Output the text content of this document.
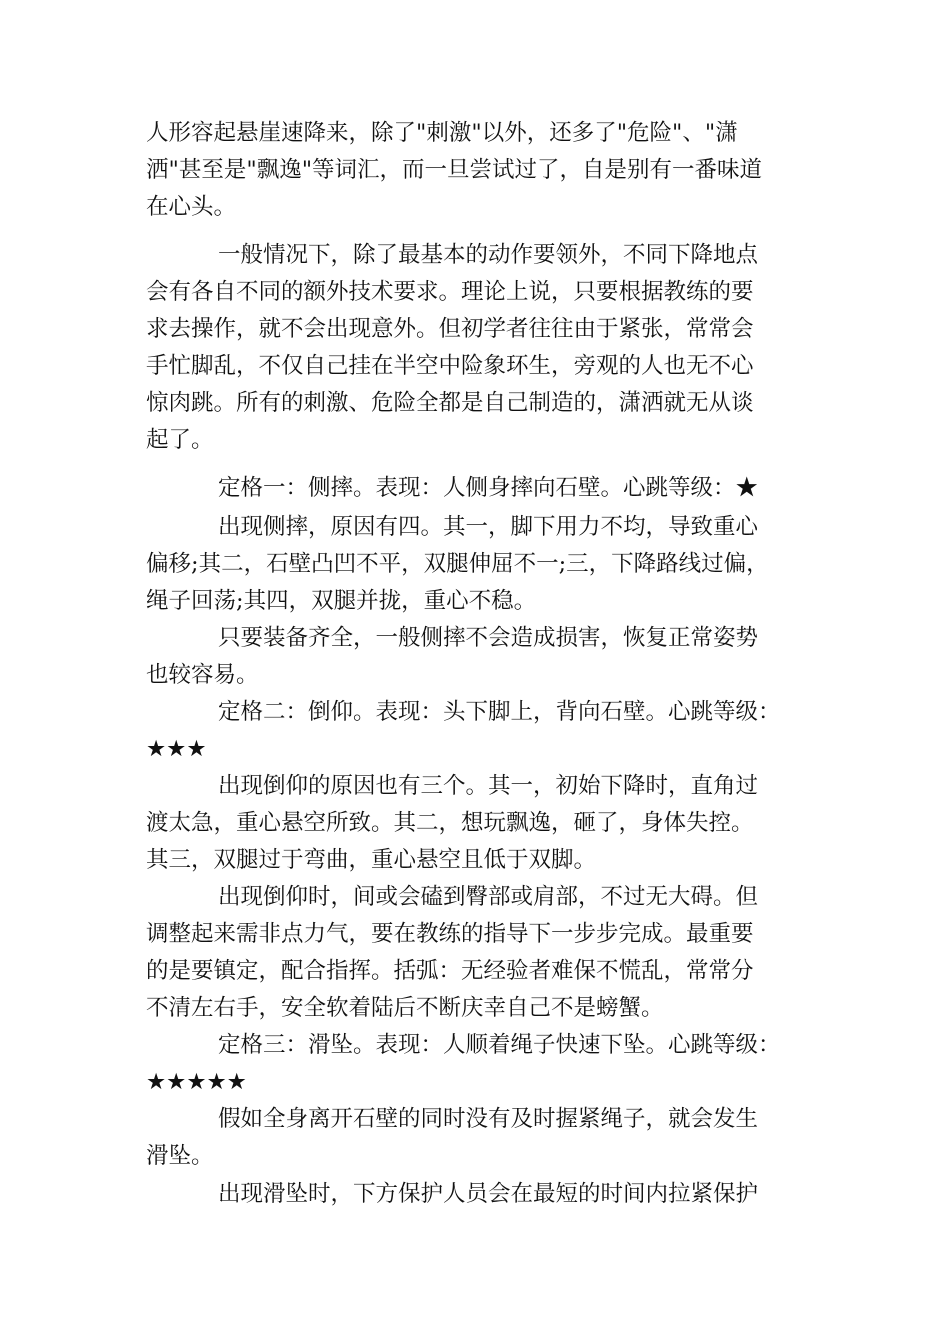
人形容起悬崖速降来，除了"刺激"以外，还多了"危险"、"潇
洒"甚至是"飘逸"等词汇，而一旦尝试过了，自是别有一番味道
在心头。
一般情况下，除了最基本的动作要领外，不同下降地点
会有各自不同的额外技术要求。理论上说，只要根据教练的要
求去操作，就不会出现意外。但初学者往往由于紧张，常常会
手忙脚乱，不仅自己挂在半空中险象环生，旁观的人也无不心
惊肉跳。所有的刺激、危险全都是自己制造的，潇洒就无从谈
起了。
定格一：侧摔。表现：人侧身摔向石壁。心跳等级：★
出现侧摔，原因有四。其一，脚下用力不均，导致重心
偏移;其二，石壁凸凹不平，双腿伸屈不一;三，下降路线过偏，
绳子回荡;其四，双腿并拢，重心不稳。
只要装备齐全，一般侧摔不会造成损害，恢复正常姿势
也较容易。
定格二：倒仰。表现：头下脚上，背向石壁。心跳等级：
★★★
出现倒仰的原因也有三个。其一，初始下降时，直角过
渡太急，重心悬空所致。其二，想玩飘逸，砸了，身体失控。
其三，双腿过于弯曲，重心悬空且低于双脚。
出现倒仰时，间或会磕到臀部或肩部，不过无大碍。但
调整起来需非点力气，要在教练的指导下一步步完成。最重要
的是要镇定，配合指挥。括弧：无经验者难保不慌乱，常常分
不清左右手，安全软着陆后不断庆幸自己不是螃蟹。
定格三：滑坠。表现：人顺着绳子快速下坠。心跳等级：
★★★★★
假如全身离开石壁的同时没有及时握紧绳子，就会发生
滑坠。
出现滑坠时，下方保护人员会在最短的时间内拉紧保护
